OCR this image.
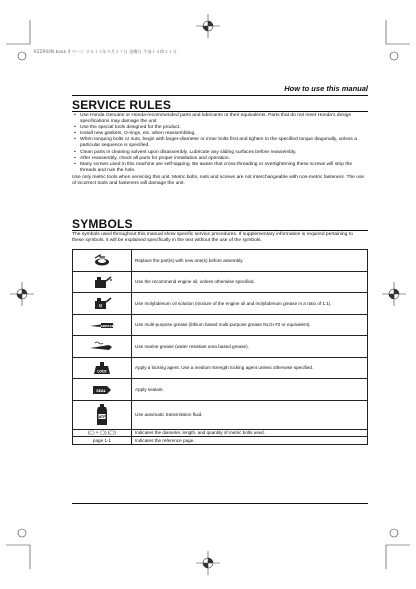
KZZ900N.book 4 ページ ２０１３年９月２７日 金曜日 午前１０時２１分
How to use this manual
SERVICE RULES
• Use Honda Genuine or Honda-recommended parts and lubricants or their equivalents. Parts that do not meet Honda's design specifications may damage the unit.
• Use the special tools designed for the product.
• Install new gaskets, O-rings, etc. when reassembling.
• When torquing bolts or nuts, begin with larger-diameter or inner bolts first and tighten to the specified torque diagonally, unless a particular sequence is specified.
• Clean parts in cleaning solvent upon disassembly. Lubricate any sliding surfaces before reassembly.
• After reassembly, check all parts for proper installation and operation.
• Many screws used in this machine are self-tapping. Be aware that cross-threading or overtightening these screws will strip the threads and ruin the hole.
Use only metric tools when servicing this unit. Metric bolts, nuts and screws are not interchangeable with non-metric fasteners. The use of incorrect tools and fasteners will damage the unit.
SYMBOLS
The symbols used throughout this manual show specific service procedures. If supplementary information is required pertaining to these symbols, it will be explained specifically in the text without the use of the symbols.
	Replace the part(s) with new one(s) before assembly.

	Use the recommend engine oil, unless otherwise specified.

M	Use molybdenum oil solution (mixture of the engine oil and molybdenum grease in a ratio of 1:1).

GREASE	Use multi-purpose grease (lithium based multi-purpose grease NLGI #2 or equivalent).

	Use marine grease (water resistant urea based grease).

LOCK	Apply a locking agent. Use a medium strength locking agent unless otherwise specified.

SEAL	Apply sealant.

ATF	Use automatic transmission fluid.
(◯ × ◯) (◯)	Indicates the diameter, length, and quantity of metric bolts used.
page 1-1	Indicates the reference page.
